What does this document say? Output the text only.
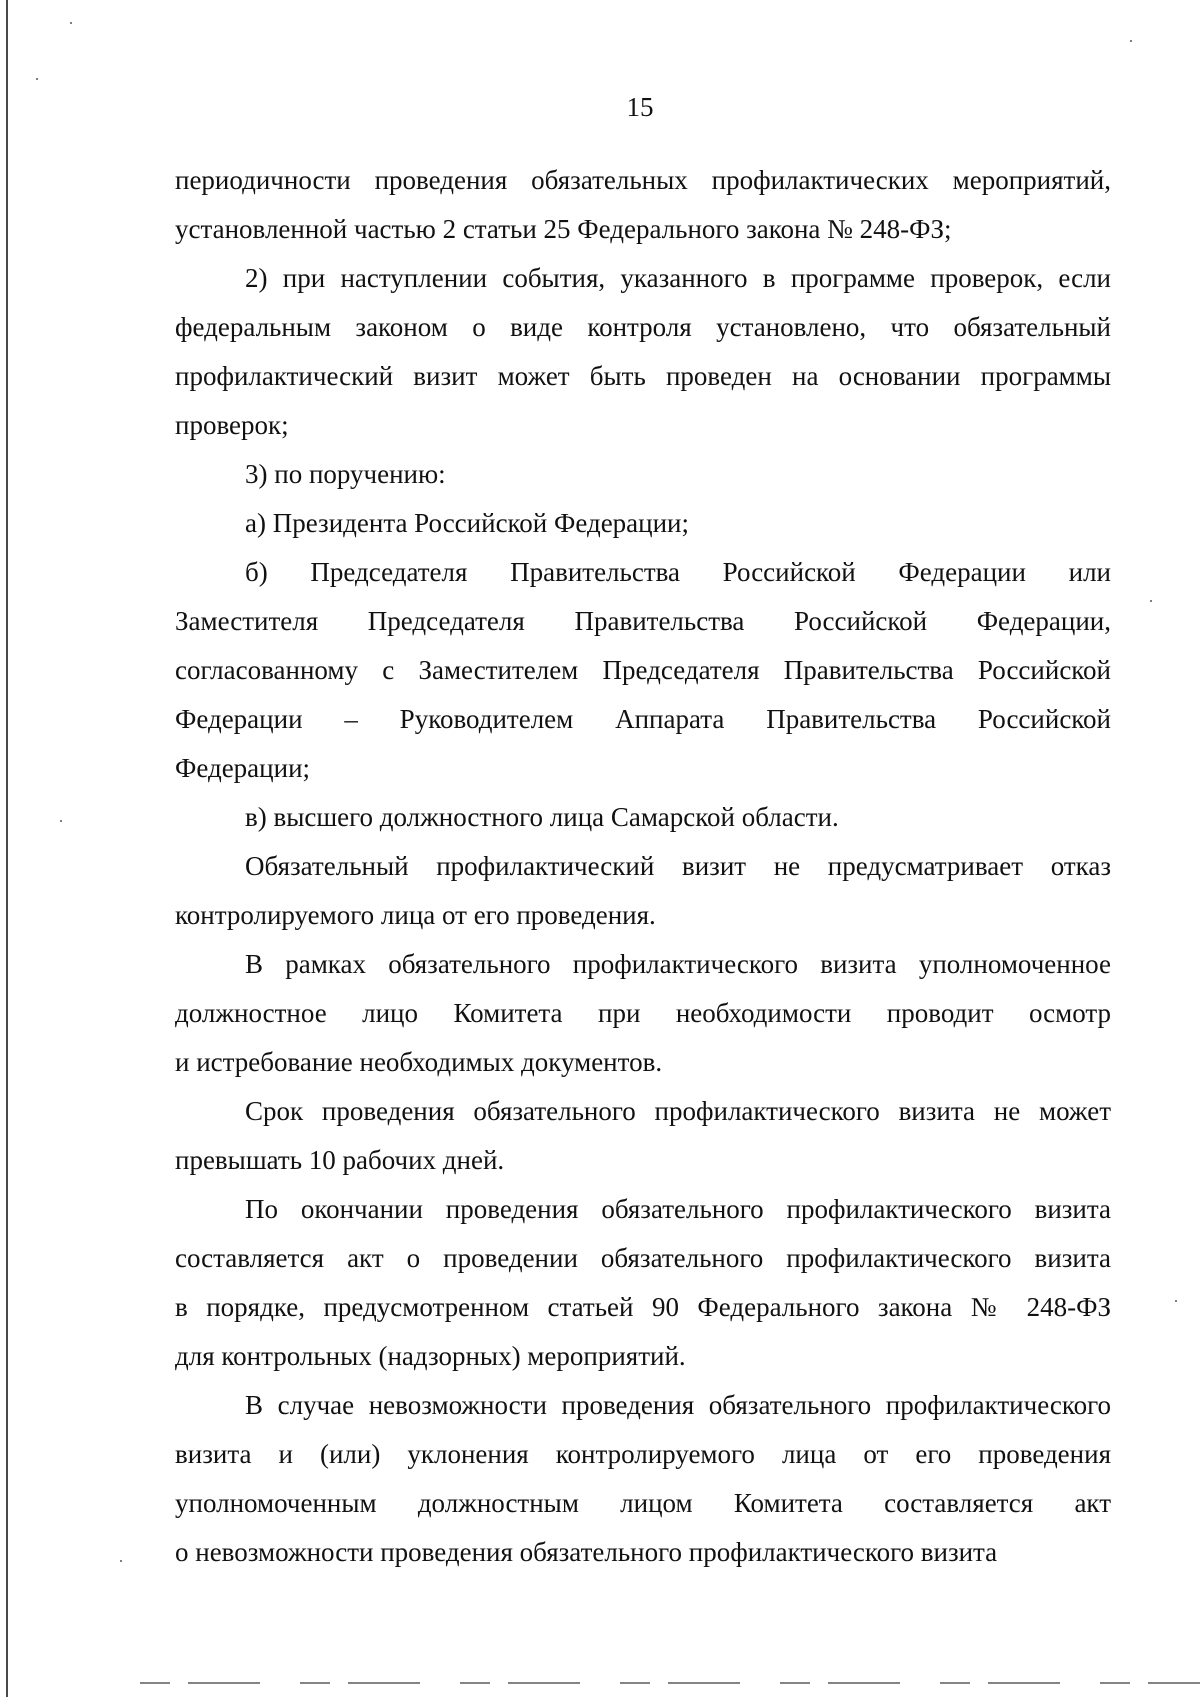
15
периодичности проведения обязательных профилактических мероприятий,
установленной частью 2 статьи 25 Федерального закона № 248-ФЗ;
2) при наступлении события, указанного в программе проверок, если
федеральным законом о виде контроля установлено, что обязательный
профилактический визит может быть проведен на основании программы
проверок;
3) по поручению:
а) Президента Российской Федерации;
б) Председателя Правительства Российской Федерации или
Заместителя Председателя Правительства Российской Федерации,
согласованному с Заместителем Председателя Правительства Российской
Федерации – Руководителем Аппарата Правительства Российской
Федерации;
в) высшего должностного лица Самарской области.
Обязательный профилактический визит не предусматривает отказ
контролируемого лица от его проведения.
В рамках обязательного профилактического визита уполномоченное
должностное лицо Комитета при необходимости проводит осмотр
и истребование необходимых документов.
Срок проведения обязательного профилактического визита не может
превышать 10 рабочих дней.
По окончании проведения обязательного профилактического визита
составляется акт о проведении обязательного профилактического визита
в порядке, предусмотренном статьей 90 Федерального закона № 248-ФЗ
для контрольных (надзорных) мероприятий.
В случае невозможности проведения обязательного профилактического
визита и (или) уклонения контролируемого лица от его проведения
уполномоченным должностным лицом Комитета составляется акт
о невозможности проведения обязательного профилактического визита
